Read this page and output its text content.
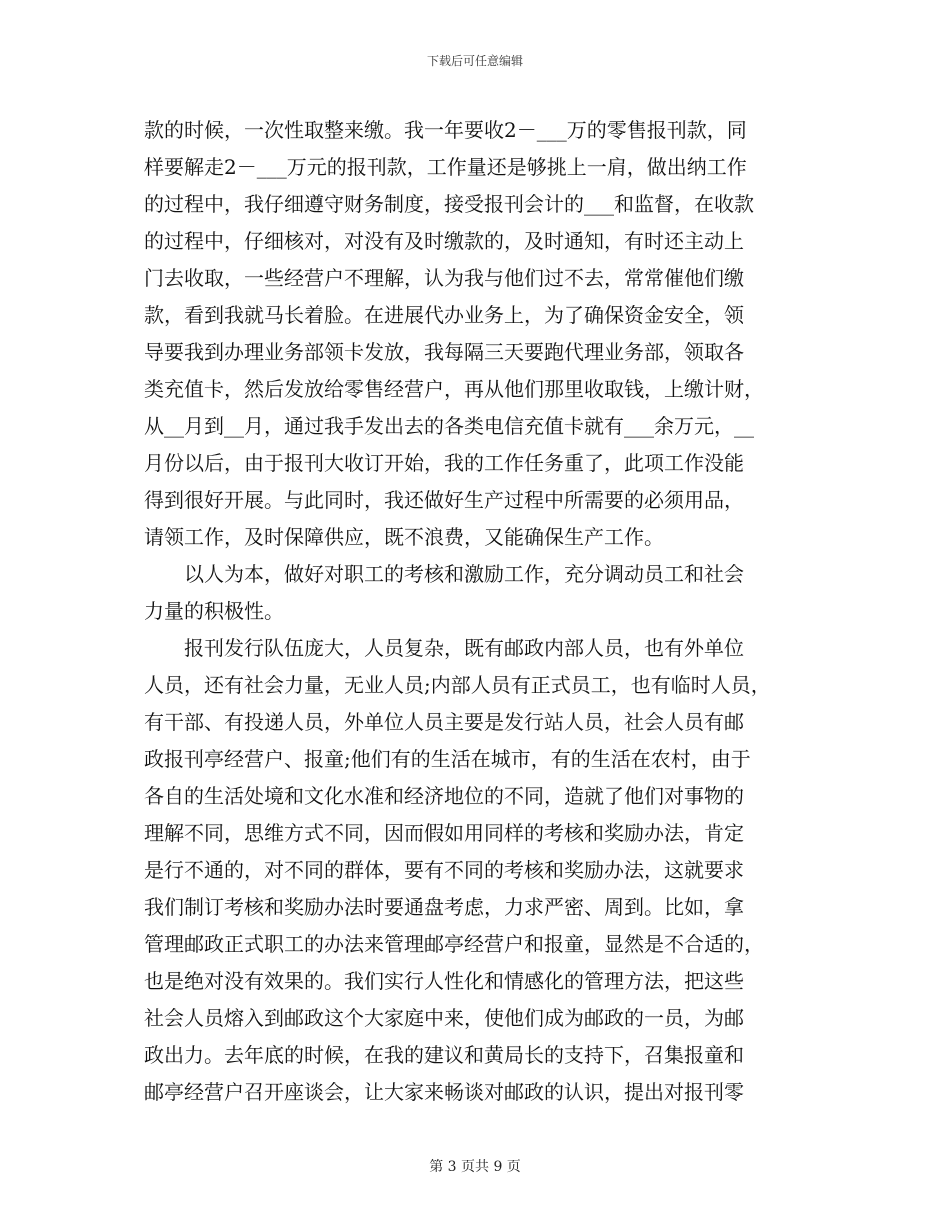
下载后可任意编辑
款的时候，一次性取整来缴。我一年要收2－___万的零售报刊款，同
样要解走2－___万元的报刊款，工作量还是够挑上一肩，做出纳工作
的过程中，我仔细遵守财务制度，接受报刊会计的___和监督，在收款
的过程中，仔细核对，对没有及时缴款的，及时通知，有时还主动上
门去收取，一些经营户不理解，认为我与他们过不去，常常催他们缴
款，看到我就马长着脸。在进展代办业务上，为了确保资金安全，领
导要我到办理业务部领卡发放，我每隔三天要跑代理业务部，领取各
类充值卡，然后发放给零售经营户，再从他们那里收取钱，上缴计财，
从__月到__月，通过我手发出去的各类电信充值卡就有___余万元，__
月份以后，由于报刊大收订开始，我的工作任务重了，此项工作没能
得到很好开展。与此同时，我还做好生产过程中所需要的必须用品，
请领工作，及时保障供应，既不浪费，又能确保生产工作。
以人为本，做好对职工的考核和激励工作，充分调动员工和社会
力量的积极性。
报刊发行队伍庞大，人员复杂，既有邮政内部人员，也有外单位
人员，还有社会力量，无业人员;内部人员有正式员工，也有临时人员，
有干部、有投递人员，外单位人员主要是发行站人员，社会人员有邮
政报刊亭经营户、报童;他们有的生活在城市，有的生活在农村，由于
各自的生活处境和文化水准和经济地位的不同，造就了他们对事物的
理解不同，思维方式不同，因而假如用同样的考核和奖励办法，肯定
是行不通的，对不同的群体，要有不同的考核和奖励办法，这就要求
我们制订考核和奖励办法时要通盘考虑，力求严密、周到。比如，拿
管理邮政正式职工的办法来管理邮亭经营户和报童，显然是不合适的，
也是绝对没有效果的。我们实行人性化和情感化的管理方法，把这些
社会人员熔入到邮政这个大家庭中来，使他们成为邮政的一员，为邮
政出力。去年底的时候，在我的建议和黄局长的支持下，召集报童和
邮亭经营户召开座谈会，让大家来畅谈对邮政的认识，提出对报刊零
第 3 页共 9 页
